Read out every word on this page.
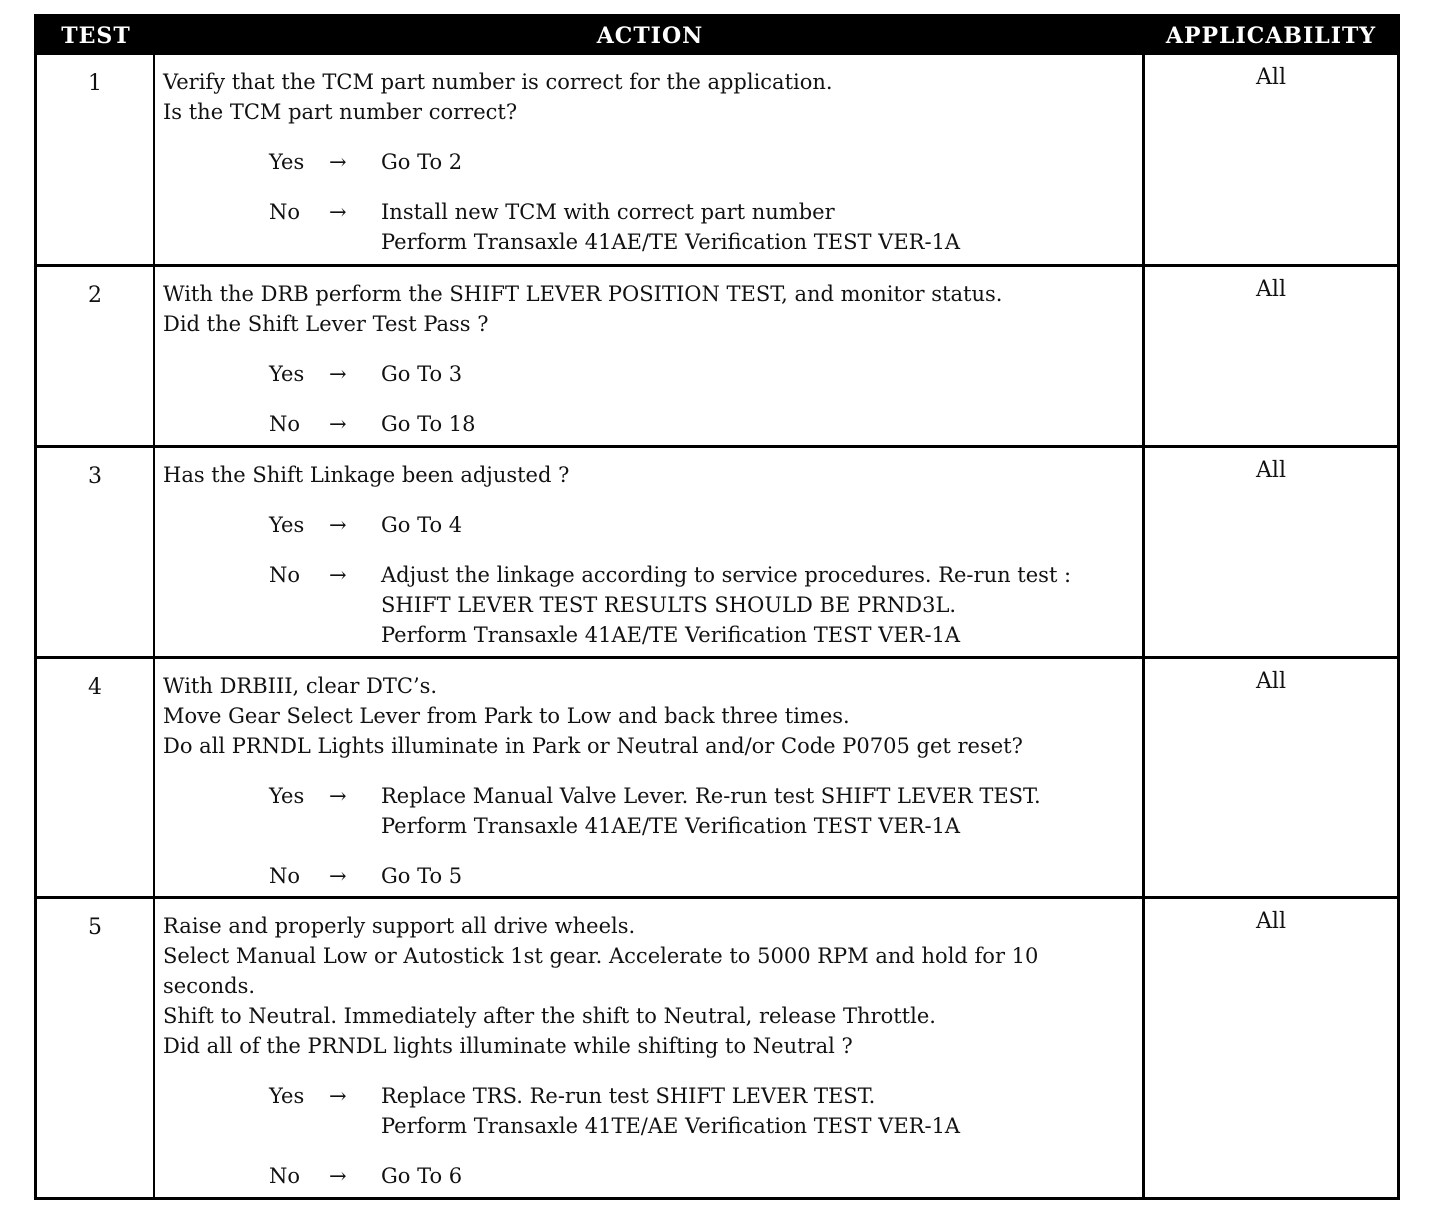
TEST	ACTION	APPLICABILITY
1	Verify that the TCM part number is correct for the application.
Is the TCM part number correct?
Yes	→	Go To 2
No	→	Install new TCM with correct part number
Perform Transaxle 41AE/TE Verification TEST VER-1A
All
2	With the DRB perform the SHIFT LEVER POSITION TEST, and monitor status.
Did the Shift Lever Test Pass ?
Yes	→	Go To 3
No	→	Go To 18
All
3	Has the Shift Linkage been adjusted ?
Yes	→	Go To 4
No	→	Adjust the linkage according to service procedures. Re-run test :
SHIFT LEVER TEST RESULTS SHOULD BE PRND3L.
Perform Transaxle 41AE/TE Verification TEST VER-1A
All
4	With DRBIII, clear DTC’s.
Move Gear Select Lever from Park to Low and back three times.
Do all PRNDL Lights illuminate in Park or Neutral and/or Code P0705 get reset?
Yes	→	Replace Manual Valve Lever. Re-run test SHIFT LEVER TEST.
Perform Transaxle 41AE/TE Verification TEST VER-1A
No	→	Go To 5
All
5	Raise and properly support all drive wheels.
Select Manual Low or Autostick 1st gear. Accelerate to 5000 RPM and hold for 10
seconds.
Shift to Neutral. Immediately after the shift to Neutral, release Throttle.
Did all of the PRNDL lights illuminate while shifting to Neutral ?
Yes	→	Replace TRS. Re-run test SHIFT LEVER TEST.
Perform Transaxle 41TE/AE Verification TEST VER-1A
No	→	Go To 6
All
